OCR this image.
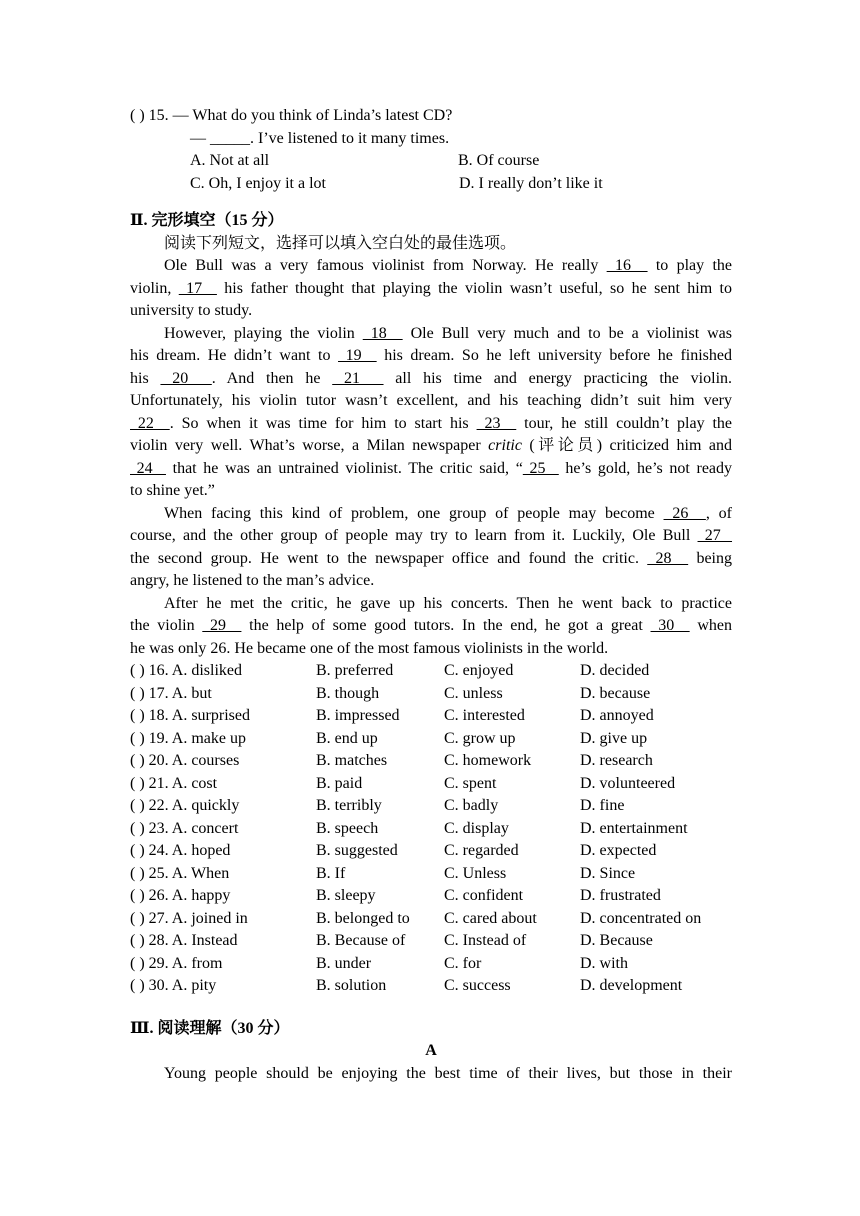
( ) 15. — What do you think of Linda’s latest CD?
— _____. I’ve listened to it many times.
A. Not at all	B. Of course
C. Oh, I enjoy it a lot	D. I really don’t like it
Ⅱ. 完形填空（15 分）
阅读下列短文，选择可以填入空白处的最佳选项。
Ole Bull was a very famous violinist from Norway. He really  16   to play the
violin,  17   his father thought that playing the violin wasn’t useful, so he sent him to
university to study.
However, playing the violin  18   Ole Bull very much and to be a violinist was
his dream. He didn’t want to  19   his dream. So he left university before he finished
his  20  . And then he  21   all his time and energy practicing the violin.
Unfortunately, his violin tutor wasn’t excellent, and his teaching didn’t suit him very
22  . So when it was time for him to start his  23   tour, he still couldn’t play the
violin very well. What’s worse, a Milan newspaper critic (评论员) criticized him and
24   that he was an untrained violinist. The critic said, “ 25   he’s gold, he’s not ready
to shine yet.”
When facing this kind of problem, one group of people may become  26  , of
course, and the other group of people may try to learn from it. Luckily, Ole Bull  27
the second group. He went to the newspaper office and found the critic.  28   being
angry, he listened to the man’s advice.
After he met the critic, he gave up his concerts. Then he went back to practice
the violin  29   the help of some good tutors. In the end, he got a great  30   when
he was only 26. He became one of the most famous violinists in the world.
( ) 16. A. disliked	B. preferred	C. enjoyed	D. decided
( ) 17. A. but	B. though	C. unless	D. because
( ) 18. A. surprised	B. impressed	C. interested	D. annoyed
( ) 19. A. make up	B. end up	C. grow up	D. give up
( ) 20. A. courses	B. matches	C. homework	D. research
( ) 21. A. cost	B. paid	C. spent	D. volunteered
( ) 22. A. quickly	B. terribly	C. badly	D. fine
( ) 23. A. concert	B. speech	C. display	D. entertainment
( ) 24. A. hoped	B. suggested	C. regarded	D. expected
( ) 25. A. When	B. If	C. Unless	D. Since
( ) 26. A. happy	B. sleepy	C. confident	D. frustrated
( ) 27. A. joined in	B. belonged to C. cared about	D. concentrated on
( ) 28. A. Instead	B. Because of C. Instead of	D. Because
( ) 29. A. from	B. under	C. for	D. with
( ) 30. A. pity	B. solution	C. success	D. development
Ⅲ. 阅读理解（30 分）
A
Young people should be enjoying the best time of their lives, but those in their
